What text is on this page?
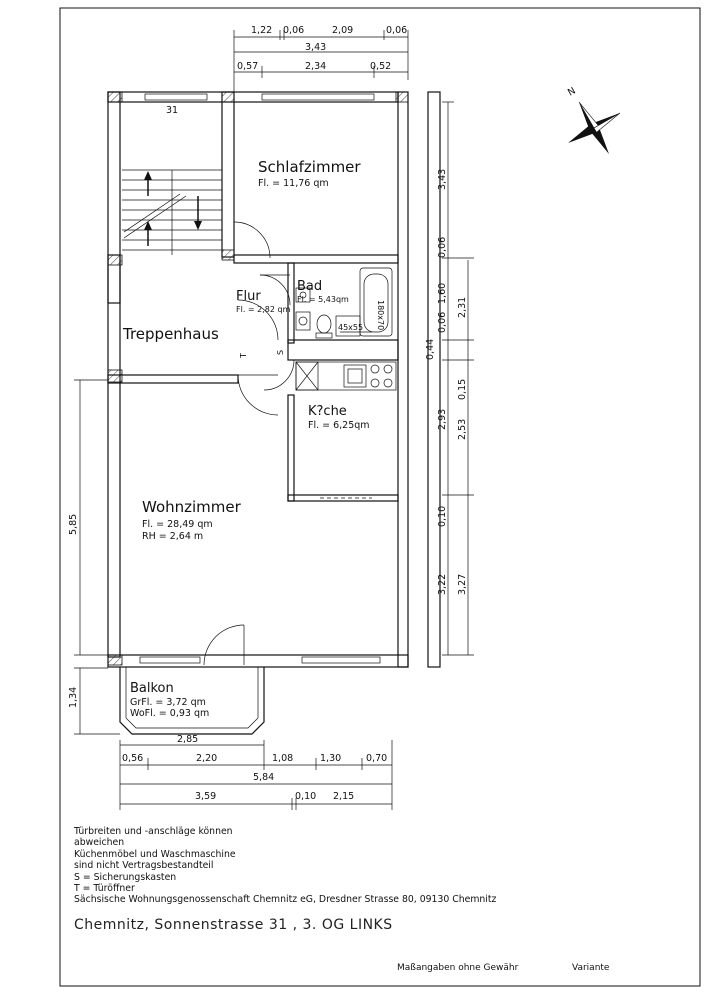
180x70
45x55
Schlafzimmer
Fl. = 11,76 qm
Bad
Fl. = 5,43qm
Flur
Fl. = 2,82 qm
Treppenhaus
K?che
Fl. = 6,25qm
Wohnzimmer
Fl. = 28,49 qm
RH = 2,64 m
Balkon
GrFl. = 3,72 qm
WoFl. = 0,93 qm
31
S
T
1,22 0,06	2,09	0,06
3,43
0,57	2,34	0,52
3,43
0,06
1,60
0,06
0,44
2,93
0,10
3,22
2,31
0,15
2,53
3,27
5,85
1,34
2,85
0,56	2,20	1,08	1,30	0,70
5,84
3,59	0,10 2,15
N
Türbreiten und -anschläge können
abweichen
Küchenmöbel und Waschmaschine
sind nicht Vertragsbestandteil
S = Sicherungskasten
T = Türöffner
Sächsische Wohnungsgenossenschaft Chemnitz eG, Dresdner Strasse 80, 09130 Chemnitz
Chemnitz, Sonnenstrasse 31 , 3. OG LINKS
Maßangaben ohne Gewähr	Variante
